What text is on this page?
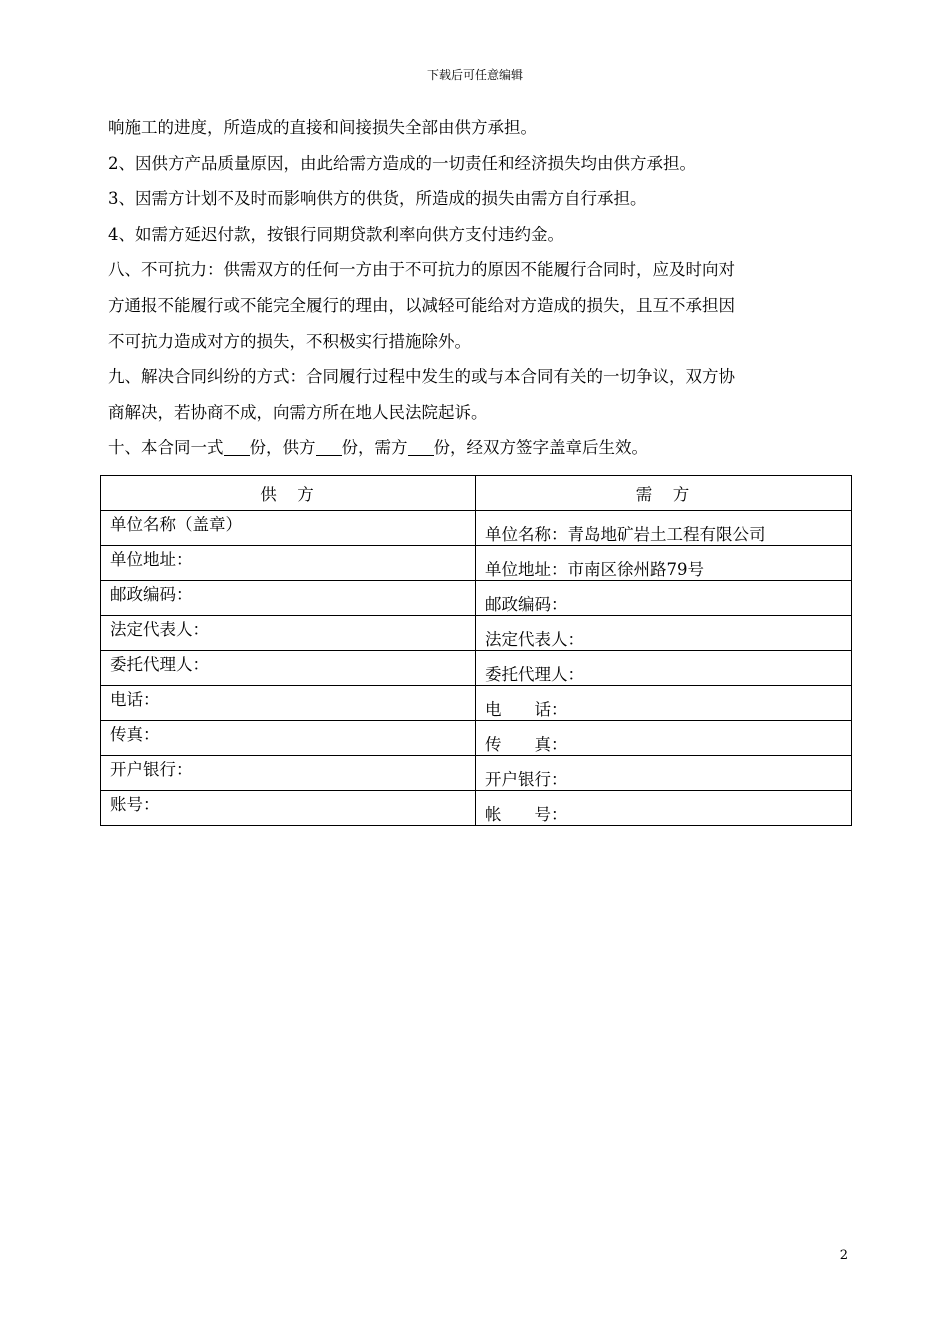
下载后可任意编辑

响施工的进度，所造成的直接和间接损失全部由供方承担。

2、因供方产品质量原因，由此给需方造成的一切责任和经济损失均由供方承担。

3、因需方计划不及时而影响供方的供货，所造成的损失由需方自行承担。

4、如需方延迟付款，按银行同期贷款利率向供方支付违约金。

八、不可抗力：供需双方的任何一方由于不可抗力的原因不能履行合同时，应及时向对

方通报不能履行或不能完全履行的理由，以减轻可能给对方造成的损失，且互不承担因

不可抗力造成对方的损失，不积极实行措施除外。

九、解决合同纠纷的方式：合同履行过程中发生的或与本合同有关的一切争议，双方协

商解决，若协商不成，向需方所在地人民法院起诉。

十、本合同一式 份，供方 份，需方 份，经双方签字盖章后生效。

供　方	需　方
单位名称（盖章）	单位名称：青岛地矿岩土工程有限公司
单位地址：	单位地址：市南区徐州路79号
邮政编码：	邮政编码：
法定代表人：	法定代表人：
委托代理人：	委托代理人：
电话：	电　　话：
传真：	传　　真：
开户银行：	开户银行：
账号：	帐　　号：
2
